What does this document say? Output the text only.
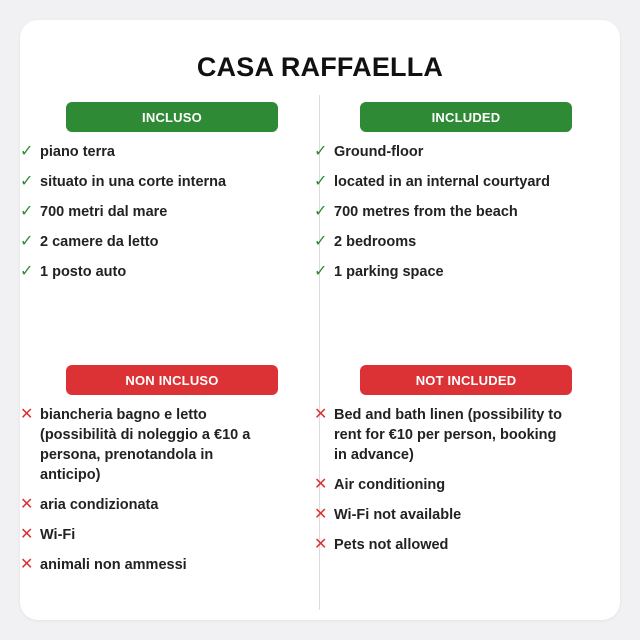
CASA RAFFAELLA
INCLUSO
✓ piano terra
✓ situato in una corte interna
✓ 700 metri dal mare
✓ 2 camere da letto
✓ 1 posto auto
INCLUDED
✓ Ground-floor
✓ located in an internal courtyard
✓ 700 metres from the beach
✓ 2 bedrooms
✓ 1 parking space
NON INCLUSO
✕ biancheria bagno e letto (possibilità di noleggio a €10 a persona, prenotandola in anticipo)
✕ aria condizionata
✕ Wi-Fi
✕ animali non ammessi
NOT INCLUDED
✕ Bed and bath linen (possibility to rent for €10 per person, booking in advance)
✕ Air conditioning
✕ Wi-Fi not available
✕ Pets not allowed
